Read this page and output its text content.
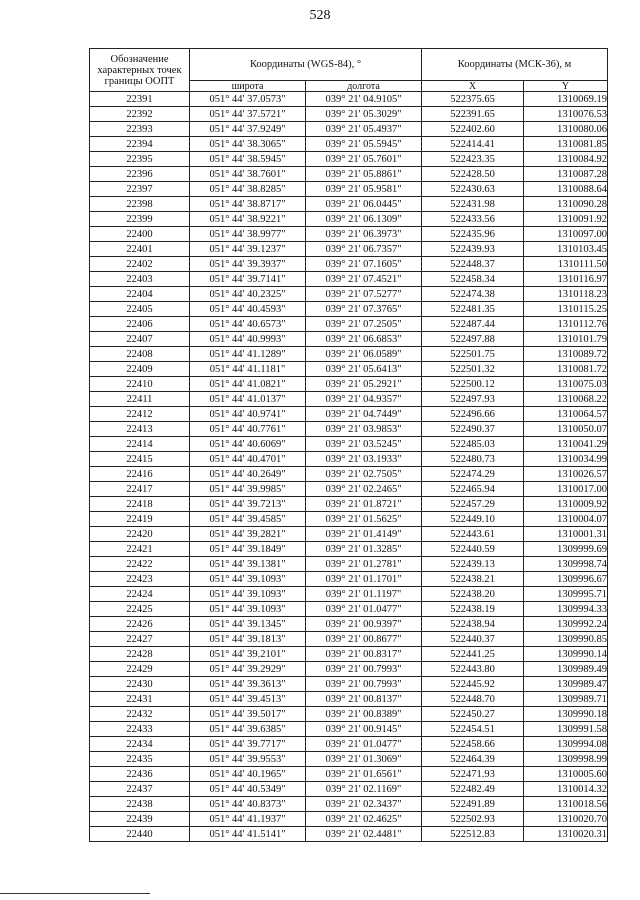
528
Обозначение характерных точек границы ООПТ	Координаты (WGS-84), °		Координаты (МСК-36), м	
	широта	долгота	X	Y
22391	051° 44' 37.0573"	039° 21' 04.9105"	522375.65	1310069.19
22392	051° 44' 37.5721"	039° 21' 05.3029"	522391.65	1310076.53
22393	051° 44' 37.9249"	039° 21' 05.4937"	522402.60	1310080.06
22394	051° 44' 38.3065"	039° 21' 05.5945"	522414.41	1310081.85
22395	051° 44' 38.5945"	039° 21' 05.7601"	522423.35	1310084.92
22396	051° 44' 38.7601"	039° 21' 05.8861"	522428.50	1310087.28
22397	051° 44' 38.8285"	039° 21' 05.9581"	522430.63	1310088.64
22398	051° 44' 38.8717"	039° 21' 06.0445"	522431.98	1310090.28
22399	051° 44' 38.9221"	039° 21' 06.1309"	522433.56	1310091.92
22400	051° 44' 38.9977"	039° 21' 06.3973"	522435.96	1310097.00
22401	051° 44' 39.1237"	039° 21' 06.7357"	522439.93	1310103.45
22402	051° 44' 39.3937"	039° 21' 07.1605"	522448.37	1310111.50
22403	051° 44' 39.7141"	039° 21' 07.4521"	522458.34	1310116.97
22404	051° 44' 40.2325"	039° 21' 07.5277"	522474.38	1310118.23
22405	051° 44' 40.4593"	039° 21' 07.3765"	522481.35	1310115.25
22406	051° 44' 40.6573"	039° 21' 07.2505"	522487.44	1310112.76
22407	051° 44' 40.9993"	039° 21' 06.6853"	522497.88	1310101.79
22408	051° 44' 41.1289"	039° 21' 06.0589"	522501.75	1310089.72
22409	051° 44' 41.1181"	039° 21' 05.6413"	522501.32	1310081.72
22410	051° 44' 41.0821"	039° 21' 05.2921"	522500.12	1310075.03
22411	051° 44' 41.0137"	039° 21' 04.9357"	522497.93	1310068.22
22412	051° 44' 40.9741"	039° 21' 04.7449"	522496.66	1310064.57
22413	051° 44' 40.7761"	039° 21' 03.9853"	522490.37	1310050.07
22414	051° 44' 40.6069"	039° 21' 03.5245"	522485.03	1310041.29
22415	051° 44' 40.4701"	039° 21' 03.1933"	522480.73	1310034.99
22416	051° 44' 40.2649"	039° 21' 02.7505"	522474.29	1310026.57
22417	051° 44' 39.9985"	039° 21' 02.2465"	522465.94	1310017.00
22418	051° 44' 39.7213"	039° 21' 01.8721"	522457.29	1310009.92
22419	051° 44' 39.4585"	039° 21' 01.5625"	522449.10	1310004.07
22420	051° 44' 39.2821"	039° 21' 01.4149"	522443.61	1310001.31
22421	051° 44' 39.1849"	039° 21' 01.3285"	522440.59	1309999.69
22422	051° 44' 39.1381"	039° 21' 01.2781"	522439.13	1309998.74
22423	051° 44' 39.1093"	039° 21' 01.1701"	522438.21	1309996.67
22424	051° 44' 39.1093"	039° 21' 01.1197"	522438.20	1309995.71
22425	051° 44' 39.1093"	039° 21' 01.0477"	522438.19	1309994.33
22426	051° 44' 39.1345"	039° 21' 00.9397"	522438.94	1309992.24
22427	051° 44' 39.1813"	039° 21' 00.8677"	522440.37	1309990.85
22428	051° 44' 39.2101"	039° 21' 00.8317"	522441.25	1309990.14
22429	051° 44' 39.2929"	039° 21' 00.7993"	522443.80	1309989.49
22430	051° 44' 39.3613"	039° 21' 00.7993"	522445.92	1309989.47
22431	051° 44' 39.4513"	039° 21' 00.8137"	522448.70	1309989.71
22432	051° 44' 39.5017"	039° 21' 00.8389"	522450.27	1309990.18
22433	051° 44' 39.6385"	039° 21' 00.9145"	522454.51	1309991.58
22434	051° 44' 39.7717"	039° 21' 01.0477"	522458.66	1309994.08
22435	051° 44' 39.9553"	039° 21' 01.3069"	522464.39	1309998.99
22436	051° 44' 40.1965"	039° 21' 01.6561"	522471.93	1310005.60
22437	051° 44' 40.5349"	039° 21' 02.1169"	522482.49	1310014.32
22438	051° 44' 40.8373"	039° 21' 02.3437"	522491.89	1310018.56
22439	051° 44' 41.1937"	039° 21' 02.4625"	522502.93	1310020.70
22440	051° 44' 41.5141"	039° 21' 02.4481"	522512.83	1310020.31
